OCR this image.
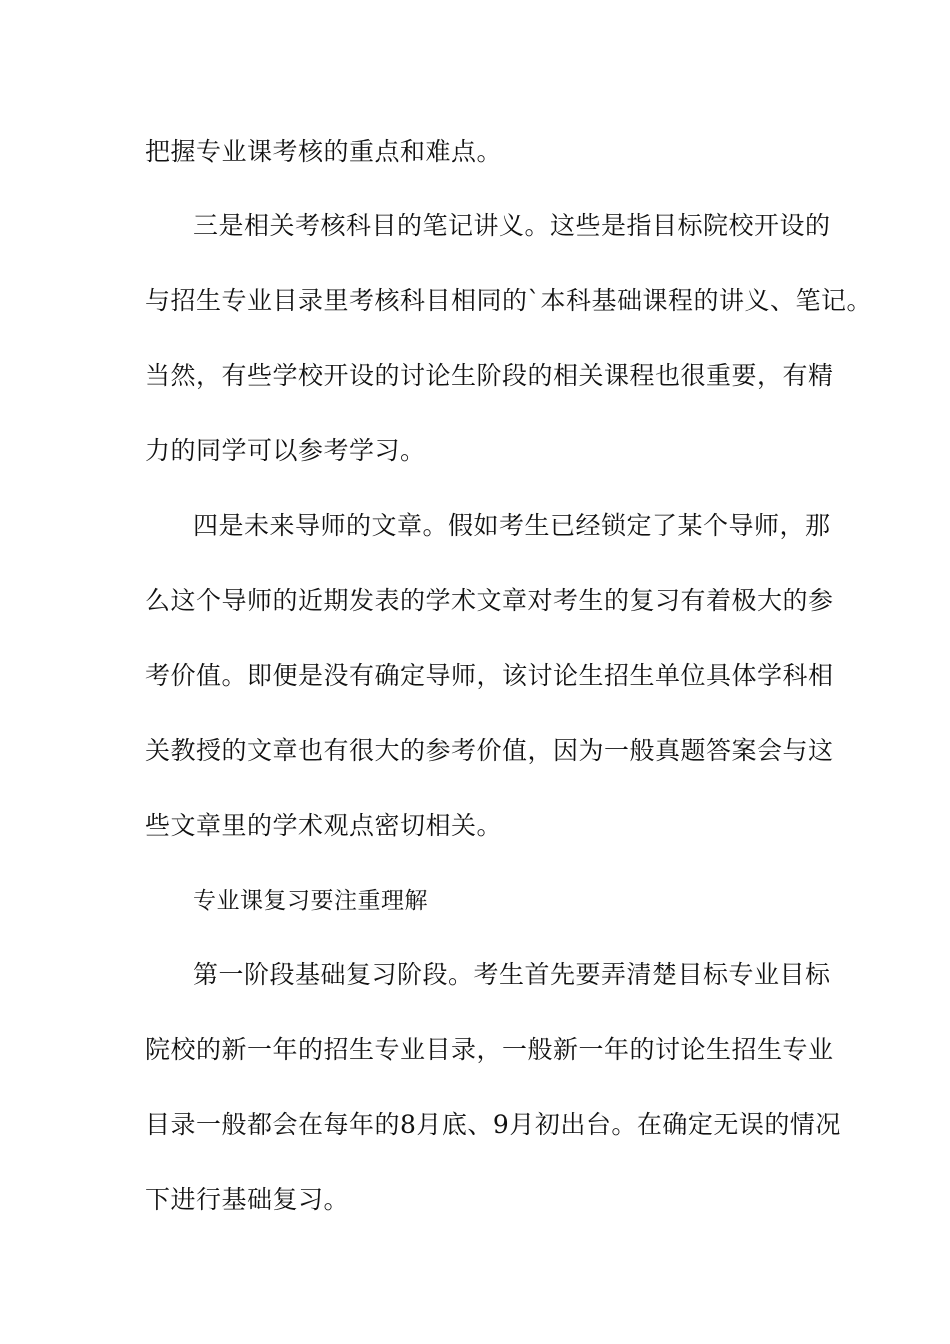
把握专业课考核的重点和难点。
三是相关考核科目的笔记讲义。这些是指目标院校开设的
与招生专业目录里考核科目相同的`本科基础课程的讲义、笔记。
当然，有些学校开设的讨论生阶段的相关课程也很重要，有精
力的同学可以参考学习。
四是未来导师的文章。假如考生已经锁定了某个导师，那
么这个导师的近期发表的学术文章对考生的复习有着极大的参
考价值。即便是没有确定导师，该讨论生招生单位具体学科相
关教授的文章也有很大的参考价值，因为一般真题答案会与这
些文章里的学术观点密切相关。
专业课复习要注重理解
第一阶段基础复习阶段。考生首先要弄清楚目标专业目标
院校的新一年的招生专业目录，一般新一年的讨论生招生专业
目录一般都会在每年的8月底、9月初出台。在确定无误的情况
下进行基础复习。
